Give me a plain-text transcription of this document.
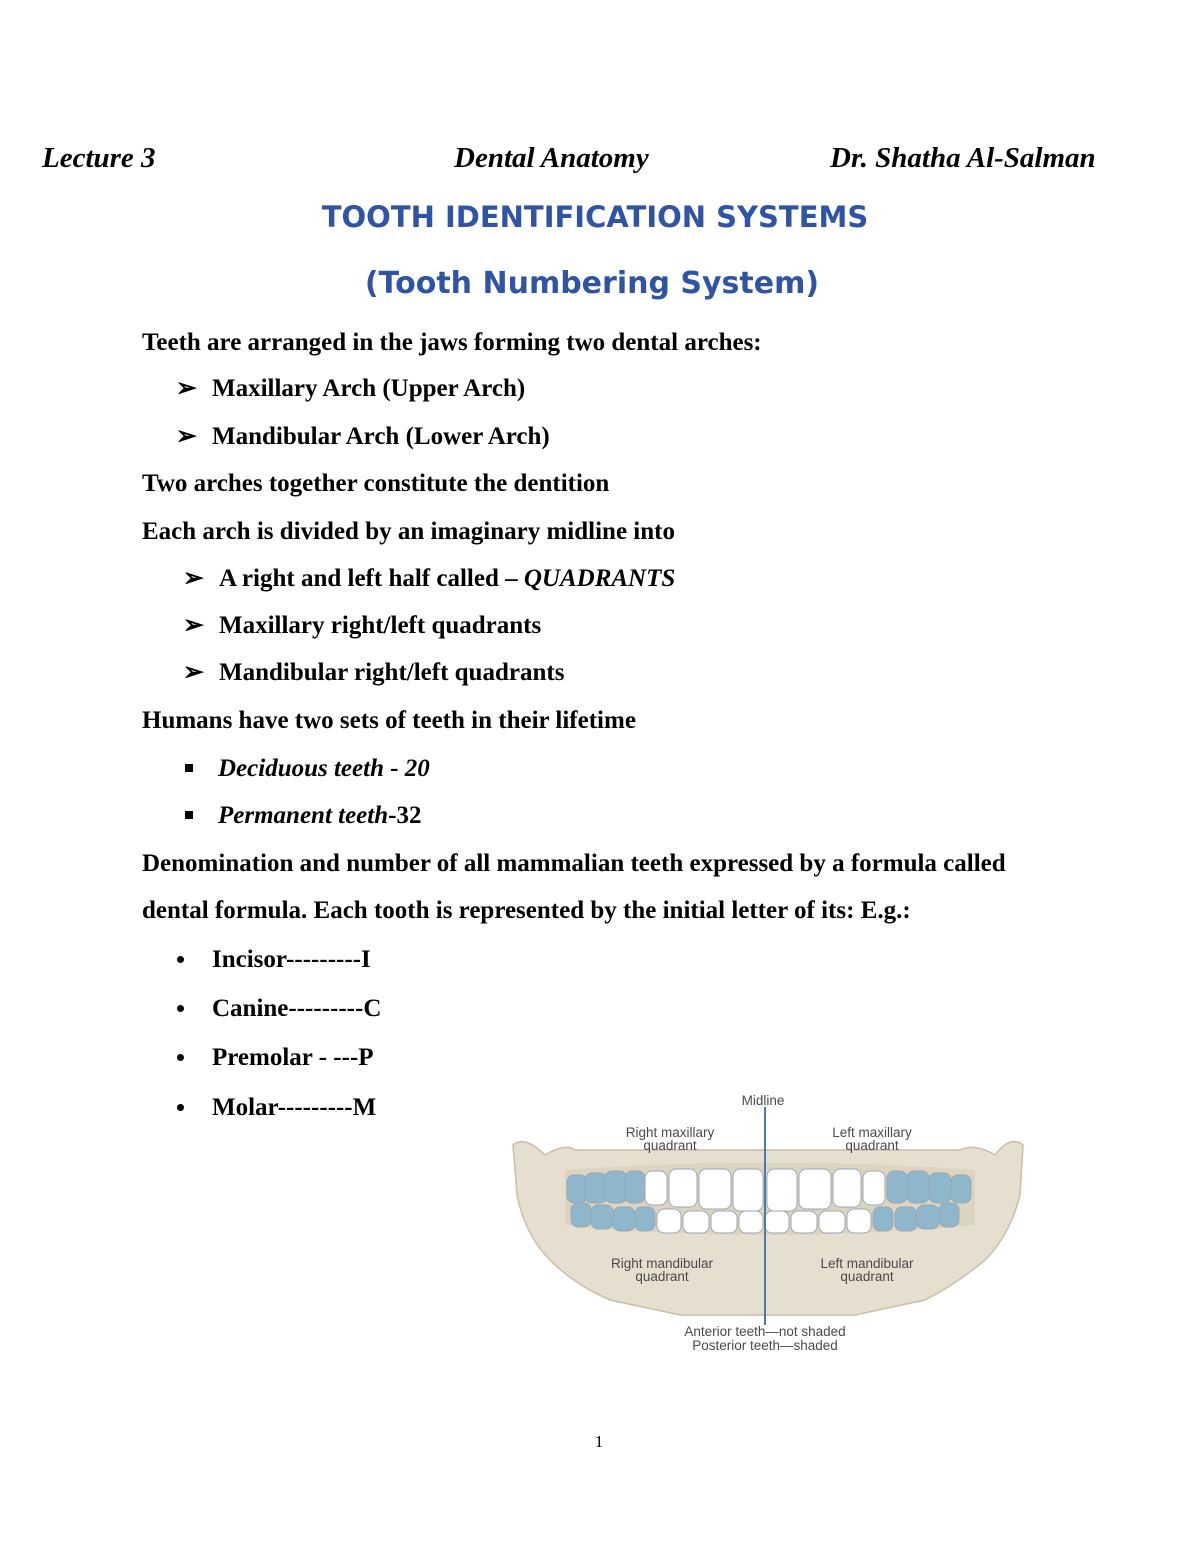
Lecture 3	Dental Anatomy	Dr. Shatha Al-Salman
TOOTH IDENTIFICATION SYSTEMS
(Tooth Numbering System)
Teeth are arranged in the jaws forming two dental arches:
➢ Maxillary Arch (Upper Arch)
➢ Mandibular Arch (Lower Arch)
Two arches together constitute the dentition
Each arch is divided by an imaginary midline into
➢ A right and left half called – QUADRANTS
➢ Maxillary right/left quadrants
➢ Mandibular right/left quadrants
Humans have two sets of teeth in their lifetime
Deciduous teeth - 20
Permanent teeth-32
Denomination and number of all mammalian teeth expressed by a formula called
dental formula. Each tooth is represented by the initial letter of its: E.g.:
Incisor---------I
Canine---------C
Premolar - ---P
Molar---------M	Midline
Right maxillary
quadrant
Left maxillary
quadrant
Right mandibular
quadrant
Left mandibular
quadrant
Anterior teeth—not shaded
Posterior teeth—shaded
1
